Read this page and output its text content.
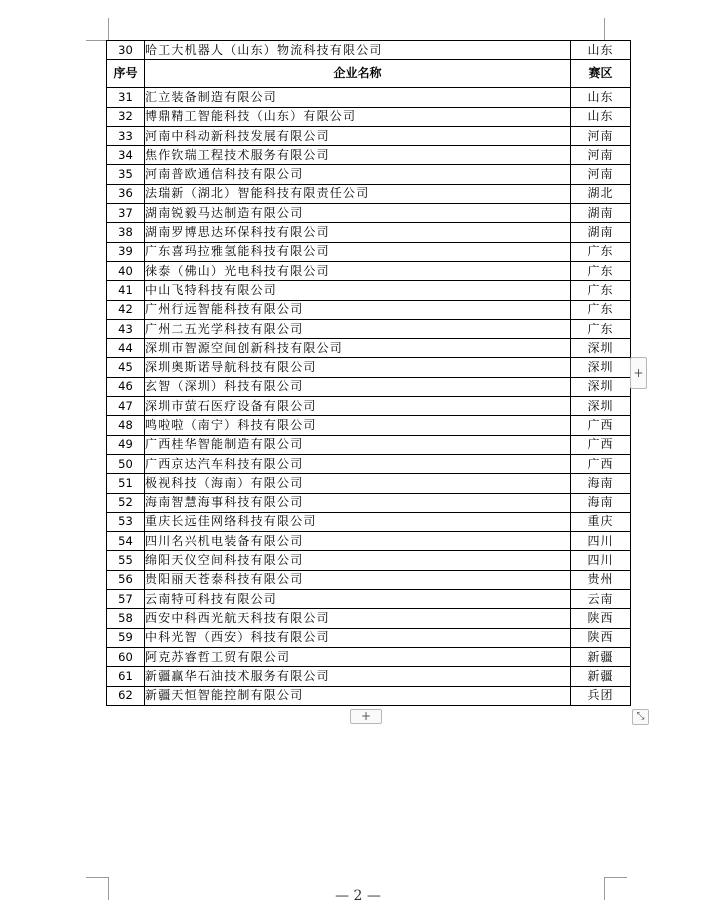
30	哈工大机器人（山东）物流科技有限公司	山东
序号	企业名称	赛区
31	汇立装备制造有限公司	山东
32	博鼎精工智能科技（山东）有限公司	山东
33	河南中科动新科技发展有限公司	河南
34	焦作钦瑞工程技术服务有限公司	河南
35	河南普欧通信科技有限公司	河南
36	法瑞新（湖北）智能科技有限责任公司	湖北
37	湖南锐毅马达制造有限公司	湖南
38	湖南罗博思达环保科技有限公司	湖南
39	广东喜玛拉雅氢能科技有限公司	广东
40	徕泰（佛山）光电科技有限公司	广东
41	中山飞特科技有限公司	广东
42	广州行远智能科技有限公司	广东
43	广州二五光学科技有限公司	广东
44	深圳市智源空间创新科技有限公司	深圳
45	深圳奥斯诺导航科技有限公司	深圳
46	玄智（深圳）科技有限公司	深圳
47	深圳市萤石医疗设备有限公司	深圳
48	鸣啦啦（南宁）科技有限公司	广西
49	广西桂华智能制造有限公司	广西
50	广西京达汽车科技有限公司	广西
51	极视科技（海南）有限公司	海南
52	海南智慧海事科技有限公司	海南
53	重庆长远佳网络科技有限公司	重庆
54	四川名兴机电装备有限公司	四川
55	绵阳天仪空间科技有限公司	四川
56	贵阳丽天苍泰科技有限公司	贵州
57	云南特可科技有限公司	云南
58	西安中科西光航天科技有限公司	陕西
59	中科光智（西安）科技有限公司	陕西
60	阿克苏睿哲工贸有限公司	新疆
61	新疆赢华石油技术服务有限公司	新疆
62	新疆天恒智能控制有限公司	兵团
+
+	⤡
— 2 —
